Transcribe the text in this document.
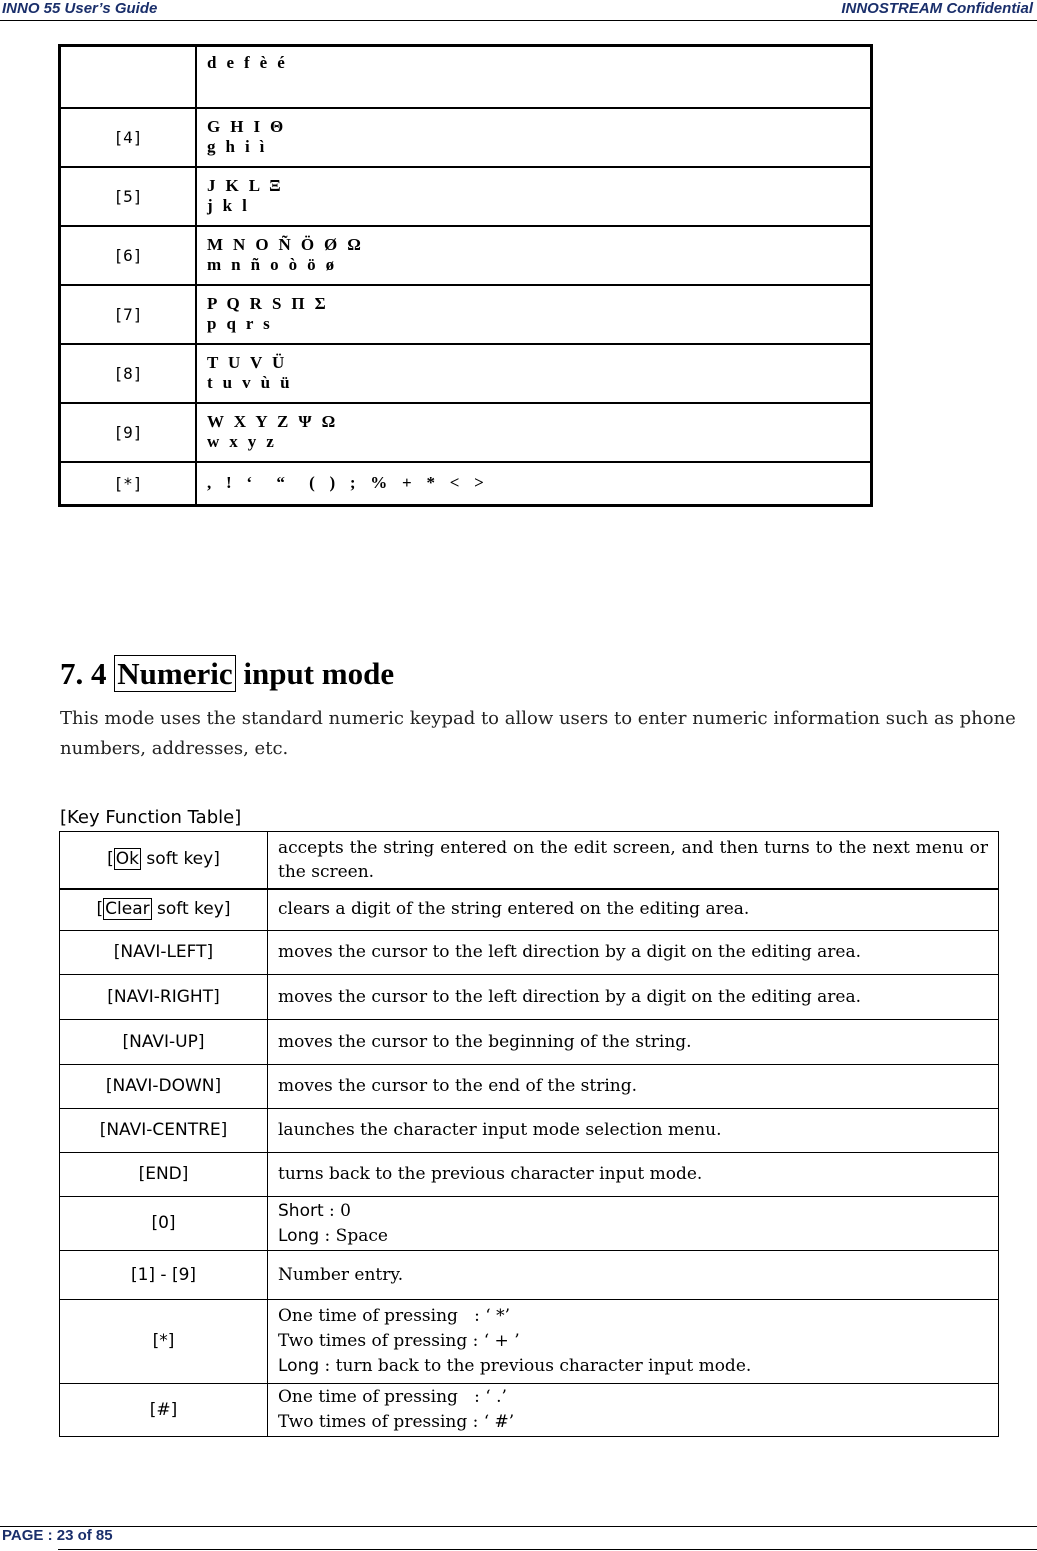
INNO 55 User’s Guide	INNOSTREAM Confidential
	d  e  f  è  é
[4]	G  H  I  Θ
g  h  i  ì
[5]	J  K  L  Ξ
j  k  l
[6]	M  N  O  Ñ  Ö  Ø  Ω
m  n  ñ  o  ò  ö  ø
[7]	P  Q  R  S  Π  Σ
p  q  r  s
[8]	T  U  V  Ü
t  u  v  ù  ü
[9]	W  X  Y  Z  Ψ  Ω
w  x  y  z
[*]	,   !   ‘     “     (   )   ;   %   +   *   <   >
7. 4 Numeric input mode
This mode uses the standard numeric keypad to allow users to enter numeric information such as phone numbers, addresses, etc.
[Key Function Table]
[ Ok soft key]	accepts the string entered on the edit screen, and then turns to the next menu or the screen.
[ Clear soft key]	clears a digit of the string entered on the editing area.
[NAVI-LEFT]	moves the cursor to the left direction by a digit on the editing area.
[NAVI-RIGHT]	moves the cursor to the left direction by a digit on the editing area.
[NAVI-UP]	moves the cursor to the beginning of the string.
[NAVI-DOWN]	moves the cursor to the end of the string.
[NAVI-CENTRE]	launches the character input mode selection menu.
[END]	turns back to the previous character input mode.
[0]	Short : 0
Long : Space

[1] - [9]	Number entry.
[*]	One time of pressing   : ‘ *’
Two times of pressing : ‘ + ’
Long : turn back to the previous character input mode.

[#]	One time of pressing   : ‘ .’
Two times of pressing : ‘ #’
PAGE : 23 of 85
